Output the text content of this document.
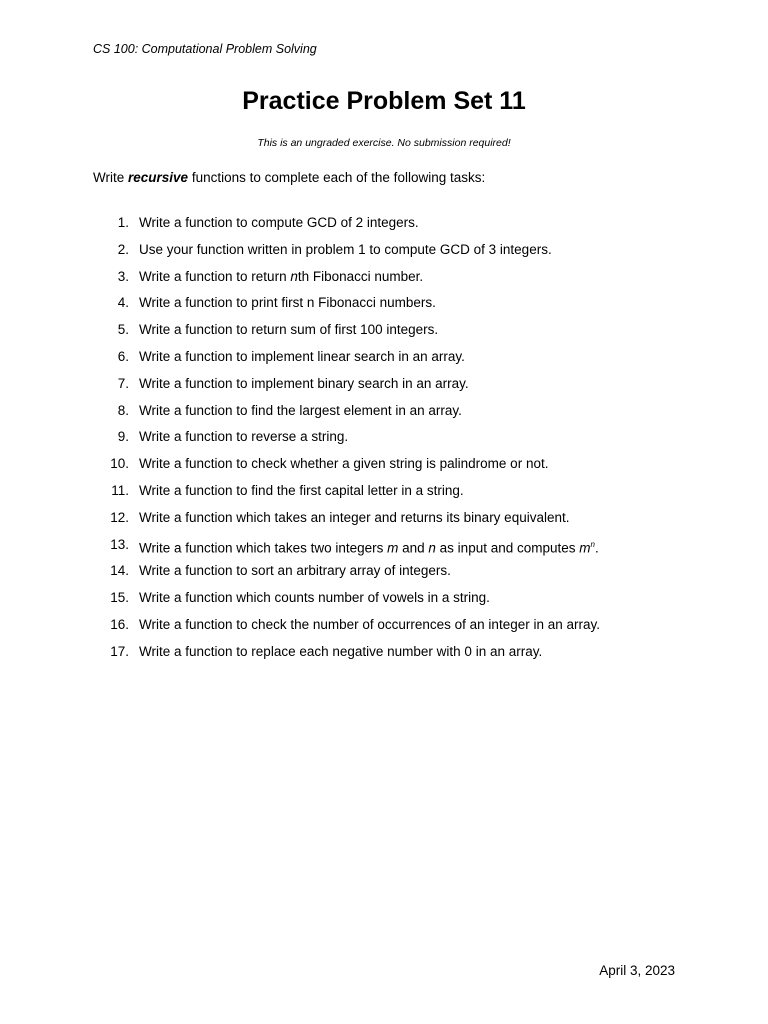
CS 100: Computational Problem Solving
Practice Problem Set 11
This is an ungraded exercise. No submission required!
Write recursive functions to complete each of the following tasks:
1. Write a function to compute GCD of 2 integers.
2. Use your function written in problem 1 to compute GCD of 3 integers.
3. Write a function to return nth Fibonacci number.
4. Write a function to print first n Fibonacci numbers.
5. Write a function to return sum of first 100 integers.
6. Write a function to implement linear search in an array.
7. Write a function to implement binary search in an array.
8. Write a function to find the largest element in an array.
9. Write a function to reverse a string.
10. Write a function to check whether a given string is palindrome or not.
11. Write a function to find the first capital letter in a string.
12. Write a function which takes an integer and returns its binary equivalent.
13. Write a function which takes two integers m and n as input and computes $m^n$.
14. Write a function to sort an arbitrary array of integers.
15. Write a function which counts number of vowels in a string.
16. Write a function to check the number of occurrences of an integer in an array.
17. Write a function to replace each negative number with 0 in an array.
April 3, 2023
